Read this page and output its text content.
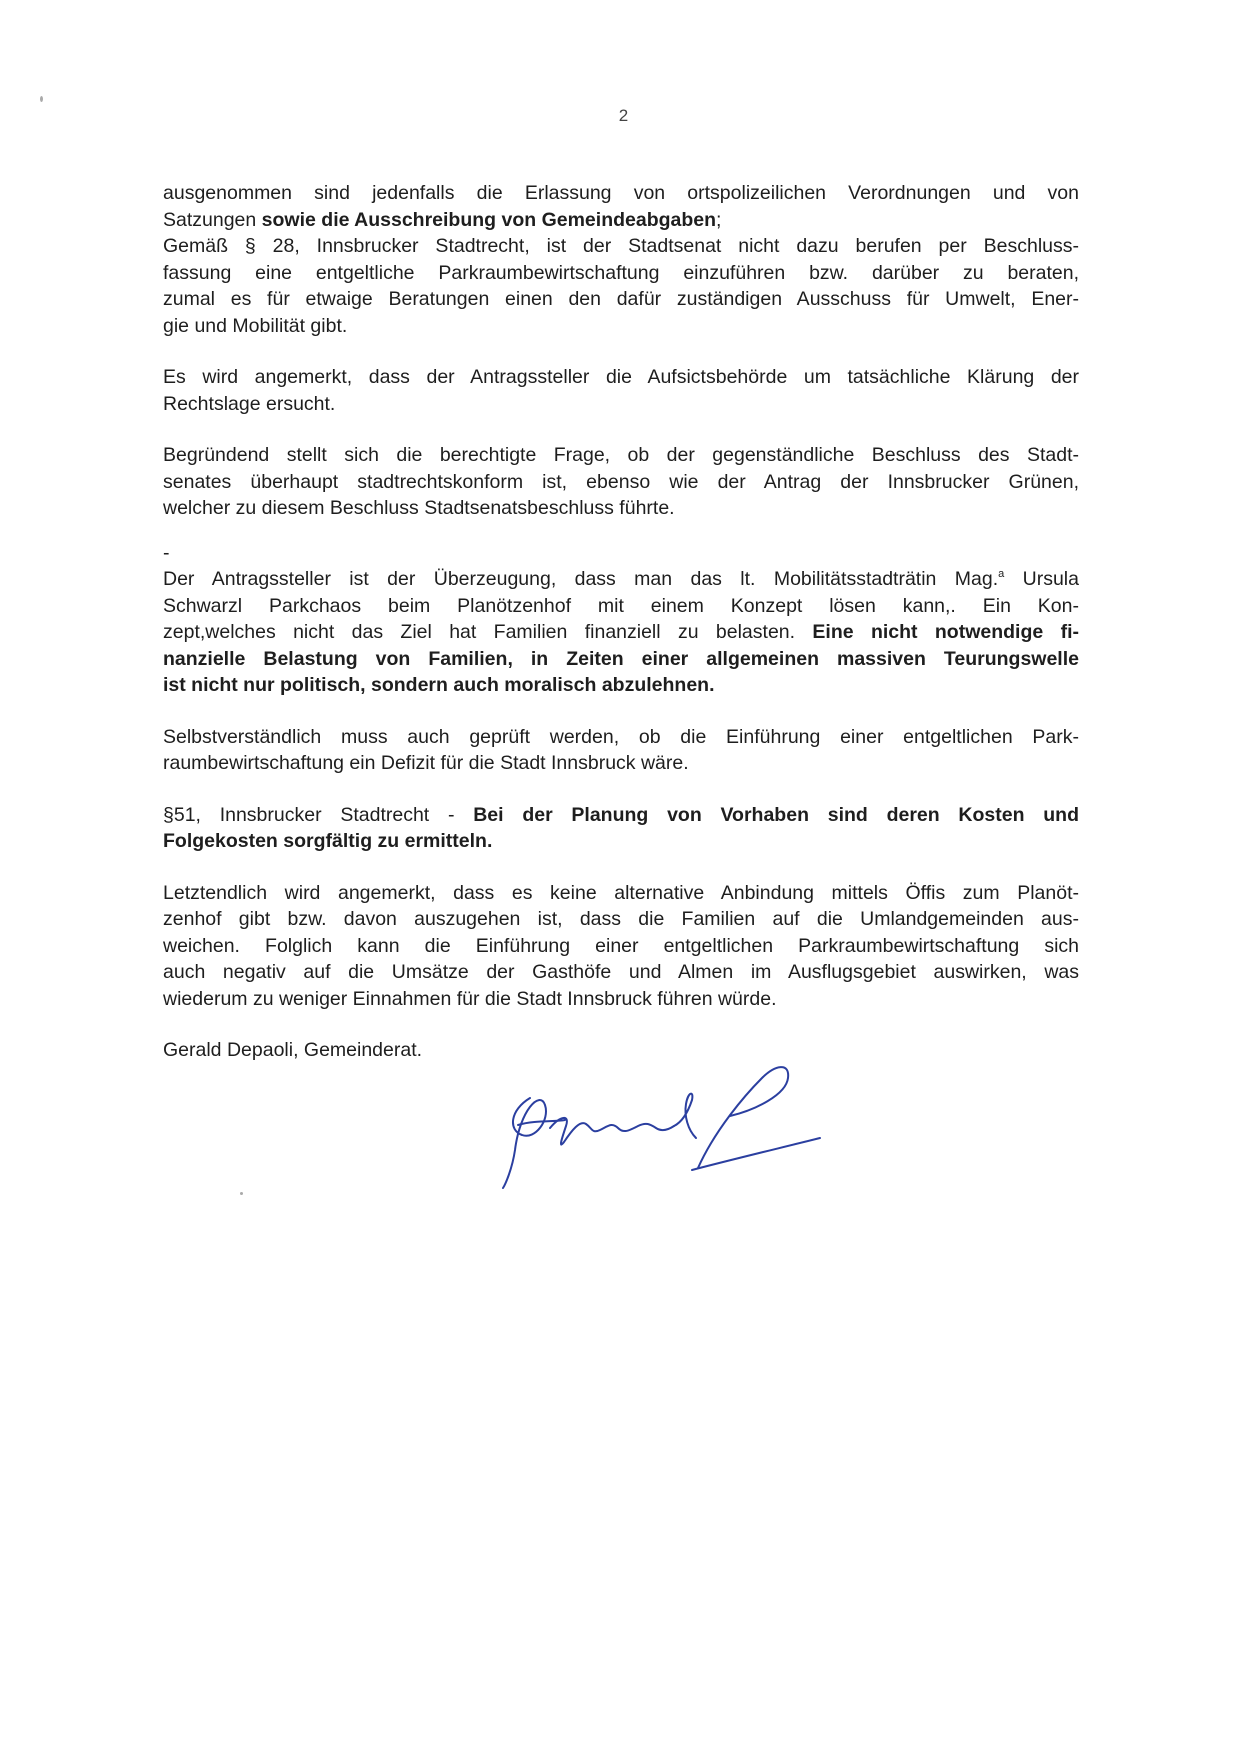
2
ausgenommen sind jedenfalls die Erlassung von ortspolizeilichen Verordnungen und von
Satzungen sowie die Ausschreibung von Gemeindeabgaben;
Gemäß § 28, Innsbrucker Stadtrecht, ist der Stadtsenat nicht dazu berufen per Beschluss-
fassung eine entgeltliche Parkraumbewirtschaftung einzuführen bzw. darüber zu beraten,
zumal es für etwaige Beratungen einen den dafür zuständigen Ausschuss für Umwelt, Ener-
gie und Mobilität gibt.
Es wird angemerkt, dass der Antragssteller die Aufsictsbehörde um tatsächliche Klärung der
Rechtslage ersucht.
Begründend stellt sich die berechtigte Frage, ob der gegenständliche Beschluss des Stadt-
senates überhaupt stadtrechtskonform ist, ebenso wie der Antrag der Innsbrucker Grünen,
welcher zu diesem Beschluss Stadtsenatsbeschluss führte.
-
Der Antragssteller ist der Überzeugung, dass man das lt. Mobilitätsstadträtin Mag.$^a$ Ursula
Schwarzl Parkchaos beim Planötzenhof mit einem Konzept lösen kann,. Ein Kon-
zept,welches nicht das Ziel hat Familien finanziell zu belasten. Eine nicht notwendige fi-
nanzielle Belastung von Familien, in Zeiten einer allgemeinen massiven Teurungswelle
ist nicht nur politisch, sondern auch moralisch abzulehnen.
Selbstverständlich muss auch geprüft werden, ob die Einführung einer entgeltlichen Park-
raumbewirtschaftung ein Defizit für die Stadt Innsbruck wäre.
§51, Innsbrucker Stadtrecht - Bei der Planung von Vorhaben sind deren Kosten und
Folgekosten sorgfältig zu ermitteln.
Letztendlich wird angemerkt, dass es keine alternative Anbindung mittels Öffis zum Planöt-
zenhof gibt bzw. davon auszugehen ist, dass die Familien auf die Umlandgemeinden aus-
weichen. Folglich kann die Einführung einer entgeltlichen Parkraumbewirtschaftung sich
auch negativ auf die Umsätze der Gasthöfe und Almen im Ausflugsgebiet auswirken, was
wiederum zu weniger Einnahmen für die Stadt Innsbruck führen würde.
Gerald Depaoli, Gemeinderat.
